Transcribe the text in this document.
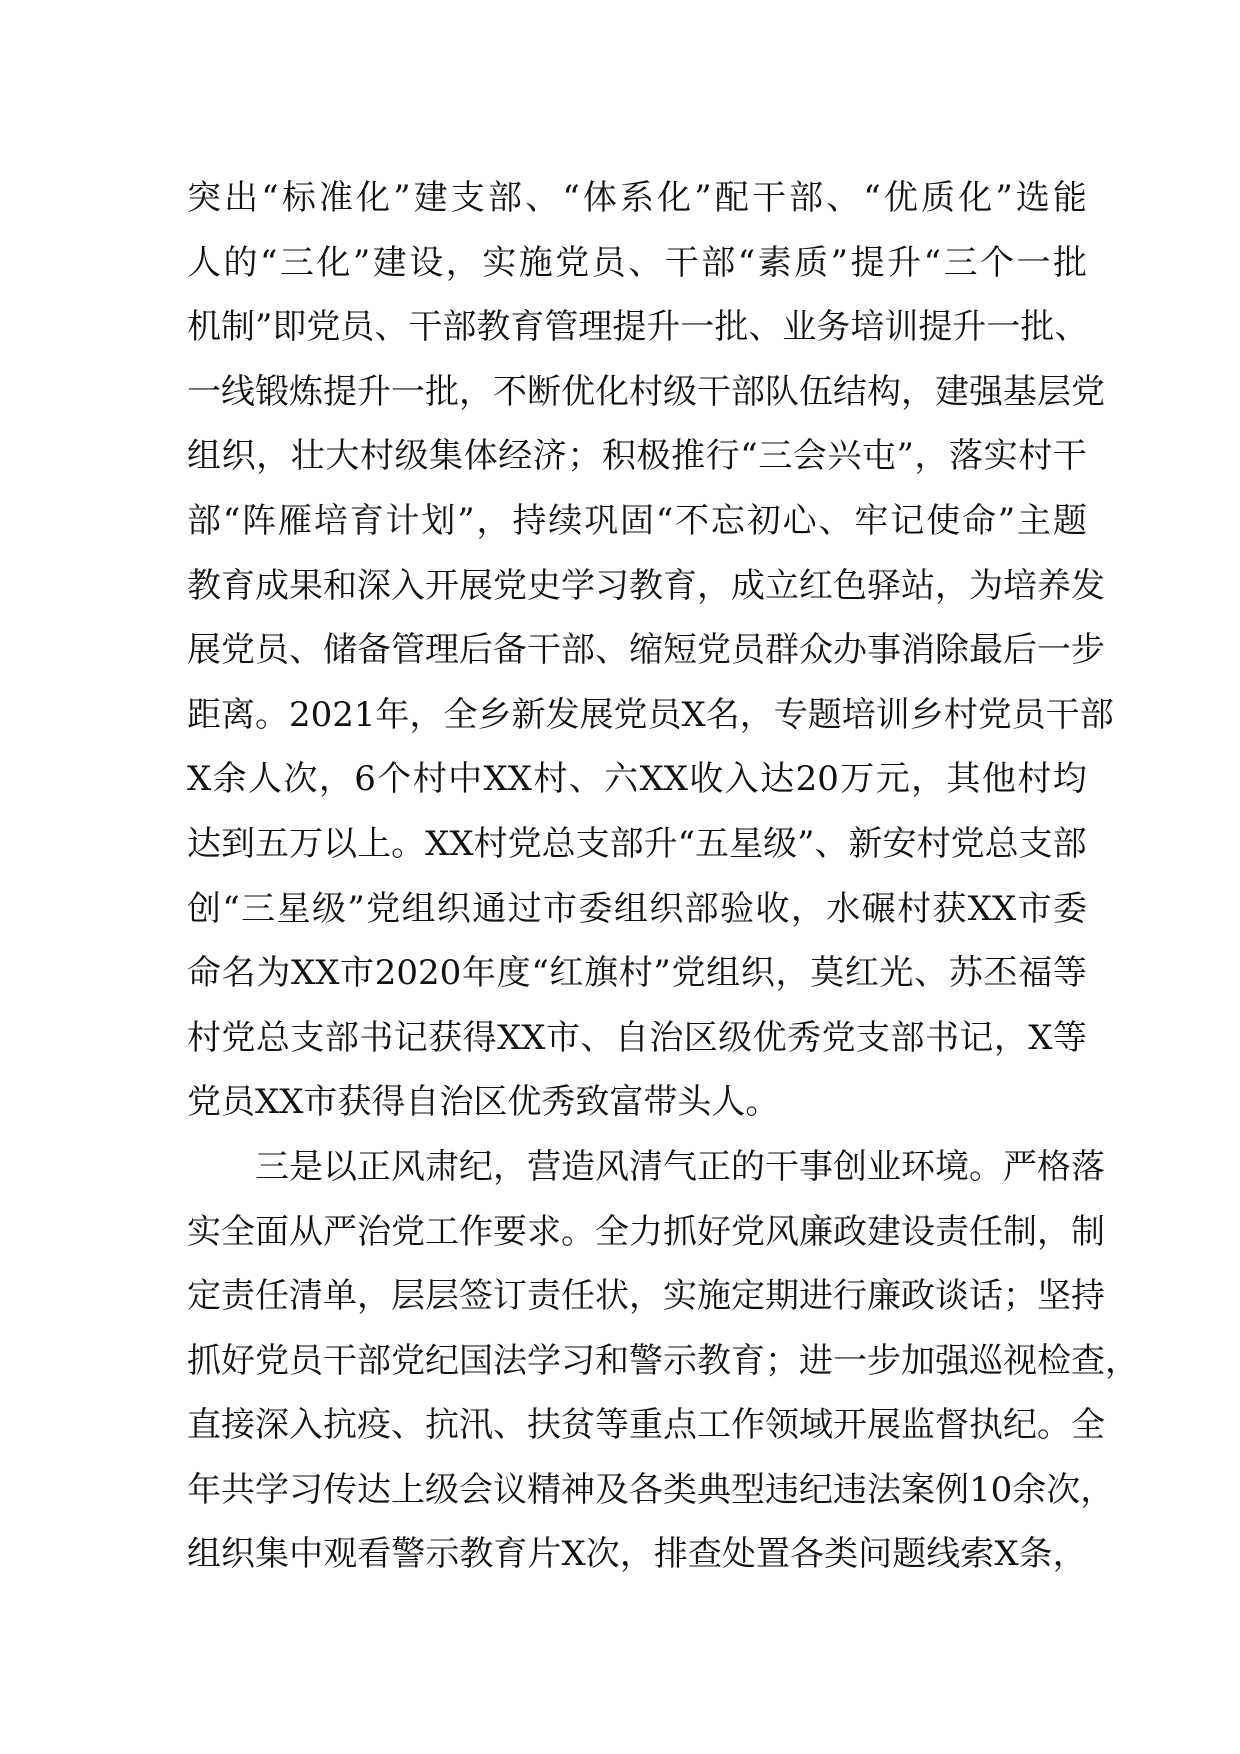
突 出 “ 标 准 化 ” 建 支 部 、 “ 体 系 化 ” 配 干 部 、 “ 优 质 化 ” 选 能
人 的 “ 三 化 ” 建 设 ， 实 施 党 员 、 干 部 “ 素 质 ” 提 升 “ 三 个 一 批
机 制 ” 即 党 员 、 干 部 教 育 管 理 提 升 一 批 、 业 务 培 训 提 升 一 批 、
一 线 锻 炼 提 升 一 批 ， 不 断 优 化 村 级 干 部 队 伍 结 构 ， 建 强 基 层 党
组 织 ， 壮 大 村 级 集 体 经 济 ； 积 极 推 行 “ 三 会 兴 屯 ” ， 落 实 村 干
部 “ 阵 雁 培 育 计 划 ” ， 持 续 巩 固 “ 不 忘 初 心 、 牢 记 使 命 ” 主 题
教 育 成 果 和 深 入 开 展 党 史 学 习 教 育 ， 成 立 红 色 驿 站 ， 为 培 养 发
展 党 员 、 储 备 管 理 后 备 干 部 、 缩 短 党 员 群 众 办 事 消 除 最 后 一 步
距 离 。 2021 年 ， 全 乡 新 发 展 党 员 X 名 ， 专 题 培 训 乡 村 党 员 干 部
X 余 人 次 ， 6 个 村 中 XX 村 、 六 XX 收 入 达 20 万 元 ， 其 他 村 均
达 到 五 万 以 上 。 XX 村 党 总 支 部 升 “ 五 星 级 ” 、 新 安 村 党 总 支 部
创 “ 三 星 级 ” 党 组 织 通 过 市 委 组 织 部 验 收 ， 水 碾 村 获 XX 市 委
命 名 为 XX 市 2020 年 度 “ 红 旗 村 ” 党 组 织 ， 莫 红 光 、 苏 丕 福 等
村 党 总 支 部 书 记 获 得 XX 市 、 自 治 区 级 优 秀 党 支 部 书 记 ， X 等
党 员 XX 市 获 得 自 治 区 优 秀 致 富 带 头 人 。
三 是 以 正 风 肃 纪 ， 营 造 风 清 气 正 的 干 事 创 业 环 境 。 严 格 落
实 全 面 从 严 治 党 工 作 要 求 。 全 力 抓 好 党 风 廉 政 建 设 责 任 制 ， 制
定 责 任 清 单 ， 层 层 签 订 责 任 状 ， 实 施 定 期 进 行 廉 政 谈 话 ； 坚 持
抓 好 党 员 干 部 党 纪 国 法 学 习 和 警 示 教 育 ； 进 一 步 加 强 巡 视 检 查 ，
直 接 深 入 抗 疫 、 抗 汛 、 扶 贫 等 重 点 工 作 领 域 开 展 监 督 执 纪 。 全
年 共 学 习 传 达 上 级 会 议 精 神 及 各 类 典 型 违 纪 违 法 案 例 10 余 次 ，
组 织 集 中 观 看 警 示 教 育 片 X 次 ， 排 查 处 置 各 类 问 题 线 索 X 条 ，
